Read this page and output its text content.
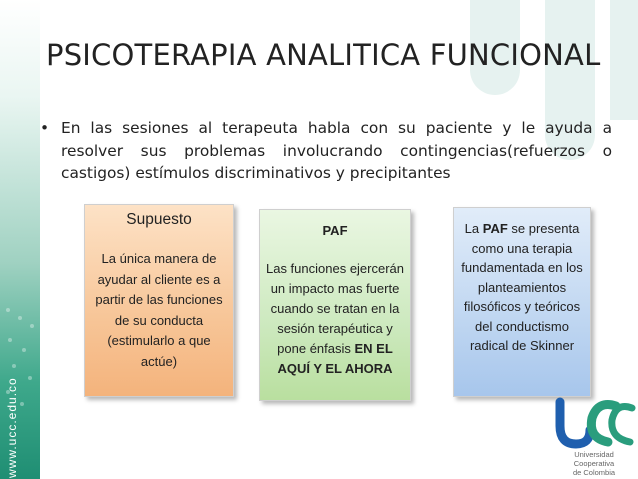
www.ucc.edu.co
PSICOTERAPIA ANALITICA FUNCIONAL
• En las sesiones al terapeuta habla con su paciente y le ayuda a resolver sus problemas involucrando contingencias(refuerzos o castigos) estímulos discriminativos y precipitantes
Supuesto
La única manera de ayudar al cliente es a partir de las funciones de su conducta (estimularlo a que actúe)
PAF
Las funciones ejercerán un impacto mas fuerte cuando se tratan en la sesión terapéutica y pone énfasis EN EL AQUÍ Y EL AHORA
La PAF se presenta como una terapia fundamentada en los planteamientos filosóficos y teóricos del conductismo radical de Skinner
Universidad Cooperativa
de Colombia
